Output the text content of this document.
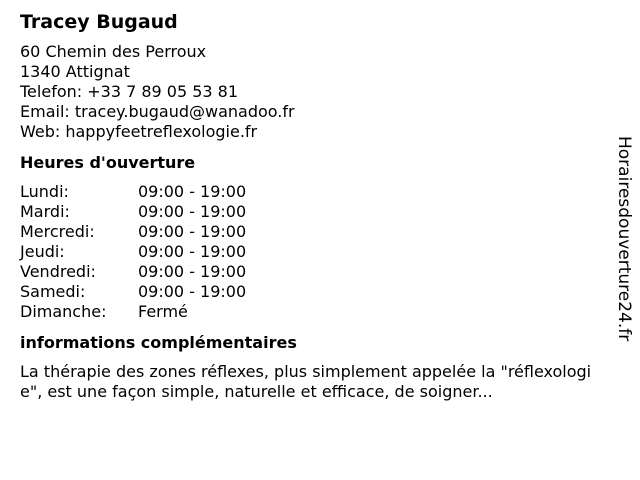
Tracey Bugaud
60 Chemin des Perroux
1340 Attignat
Telefon: +33 7 89 05 53 81
Email: tracey.bugaud@wanadoo.fr
Web: happyfeetreflexologie.fr
Heures d'ouverture
Lundi:	09:00 - 19:00
Mardi:	09:00 - 19:00
Mercredi:	09:00 - 19:00
Jeudi:	09:00 - 19:00
Vendredi:	09:00 - 19:00
Samedi:	09:00 - 19:00
Dimanche:	Fermé
informations complémentaires
La thérapie des zones réflexes, plus simplement appelée la "réflexologie", est une façon simple, naturelle et efficace, de soigner...
Horairesdouverture24.fr
